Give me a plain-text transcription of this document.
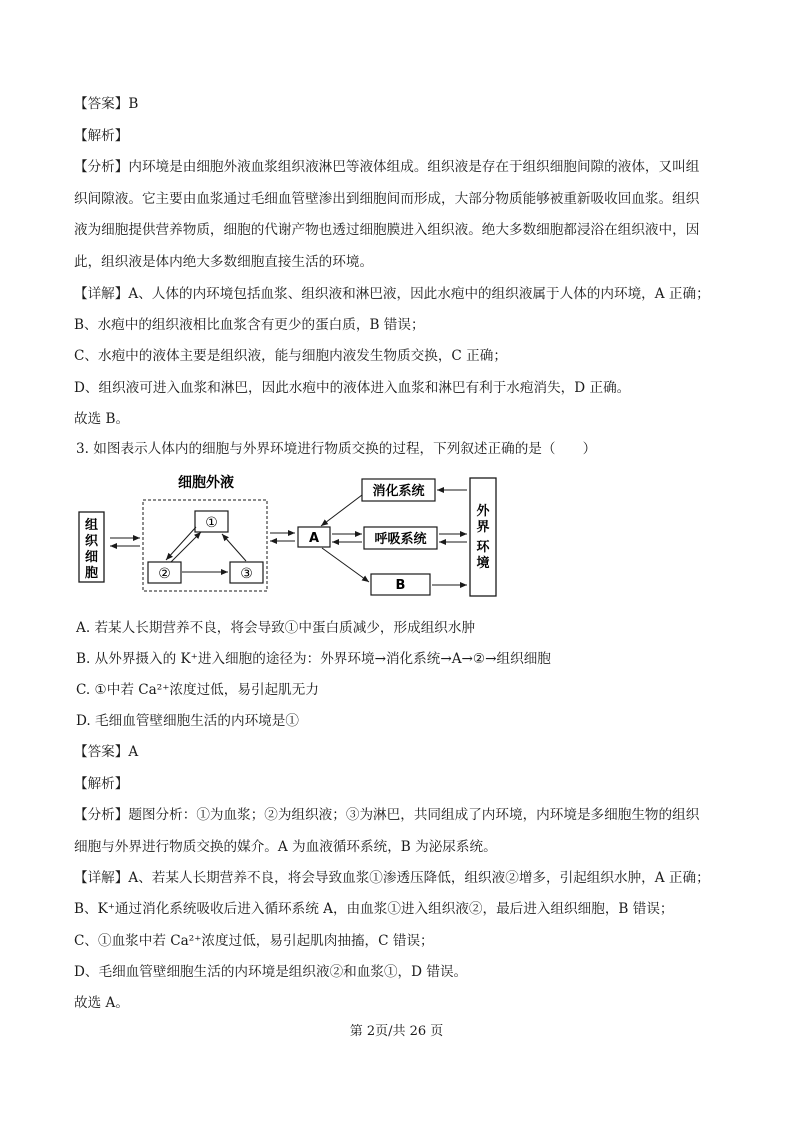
【答案】B
【解析】
【分析】内环境是由细胞外液血浆组织液淋巴等液体组成。组织液是存在于组织细胞间隙的液体，又叫组
织间隙液。它主要由血浆通过毛细血管壁渗出到细胞间而形成，大部分物质能够被重新吸收回血浆。组织
液为细胞提供营养物质，细胞的代谢产物也透过细胞膜进入组织液。绝大多数细胞都浸浴在组织液中，因
此，组织液是体内绝大多数细胞直接生活的环境。
【详解】A、人体的内环境包括血浆、组织液和淋巴液，因此水疱中的组织液属于人体的内环境，A 正确；
B、水疱中的组织液相比血浆含有更少的蛋白质，B 错误；
C、水疱中的液体主要是组织液，能与细胞内液发生物质交换，C 正确；
D、组织液可进入血浆和淋巴，因此水疱中的液体进入血浆和淋巴有利于水疱消失，D 正确。
故选 B。
3. 如图表示人体内的细胞与外界环境进行物质交换的过程，下列叙述正确的是（　　）
组
织
细
胞
细胞外液
①
②	③
A
消化系统
呼吸系统
B
外
界
环
境
A. 若某人长期营养不良，将会导致①中蛋白质减少，形成组织水肿
B. 从外界摄入的 K⁺进入细胞的途径为：外界环境→消化系统→A→②→组织细胞
C. ①中若 Ca²⁺浓度过低，易引起肌无力
D. 毛细血管壁细胞生活的内环境是①
【答案】A
【解析】
【分析】题图分析：①为血浆；②为组织液；③为淋巴，共同组成了内环境，内环境是多细胞生物的组织
细胞与外界进行物质交换的媒介。A 为血液循环系统，B 为泌尿系统。
【详解】A、若某人长期营养不良，将会导致血浆①渗透压降低，组织液②增多，引起组织水肿，A 正确；
B、K⁺通过消化系统吸收后进入循环系统 A，由血浆①进入组织液②，最后进入组织细胞，B 错误；
C、①血浆中若 Ca²⁺浓度过低，易引起肌肉抽搐，C 错误；
D、毛细血管壁细胞生活的内环境是组织液②和血浆①，D 错误。
故选 A。
第 2页/共 26 页
